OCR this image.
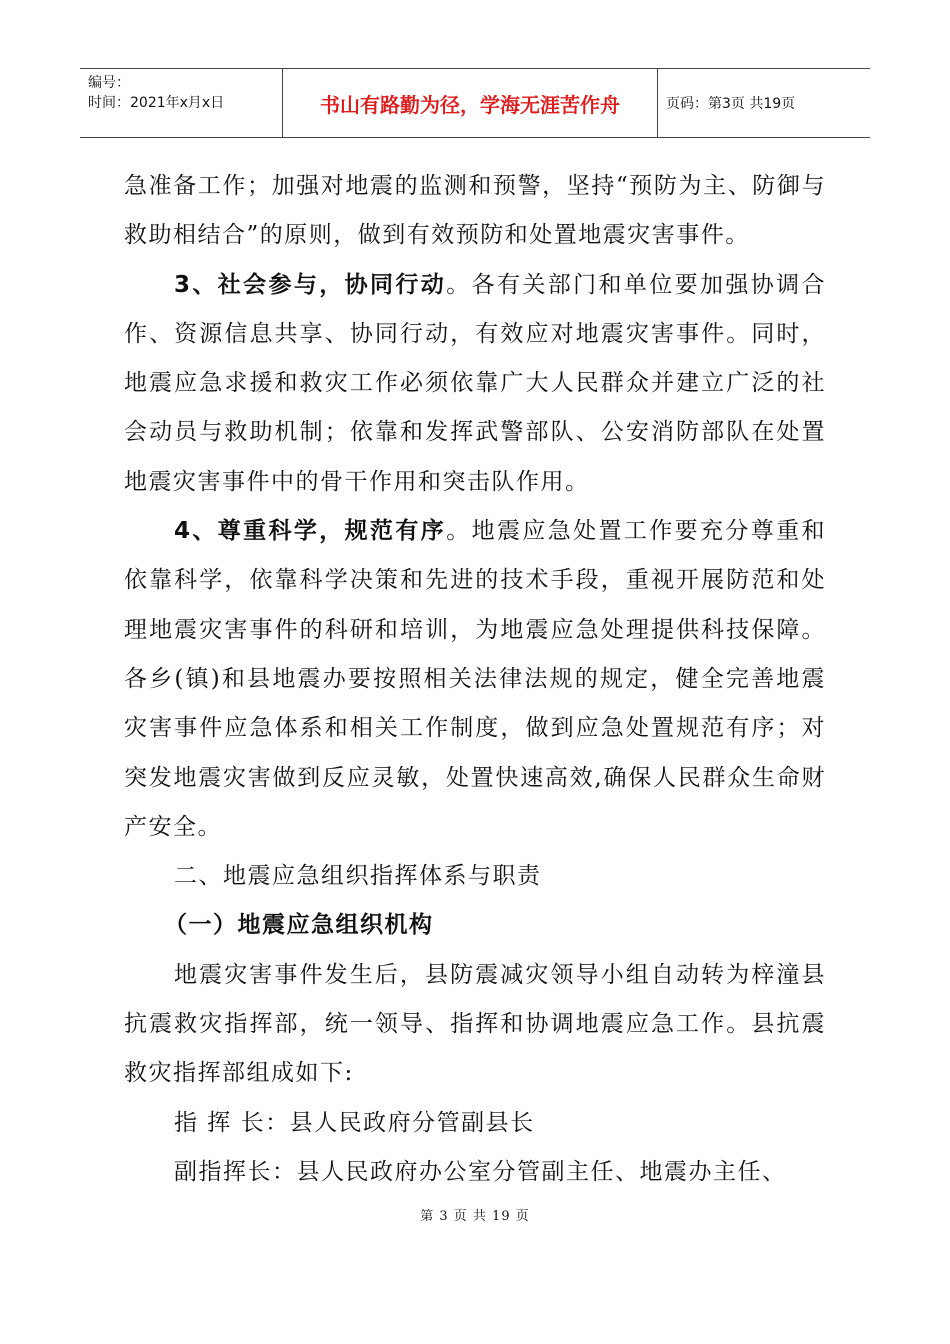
编号：
时间：2021年x月x日	书山有路勤为径，学海无涯苦作舟	页码：第3页 共19页

急准备工作；加强对地震的监测和预警，坚持“预防为主、防御与救助相结合”的原则，做到有效预防和处置地震灾害事件。

3、社会参与，协同行动。各有关部门和单位要加强协调合作、资源信息共享、协同行动，有效应对地震灾害事件。同时，地震应急求援和救灾工作必须依靠广大人民群众并建立广泛的社会动员与救助机制；依靠和发挥武警部队、公安消防部队在处置地震灾害事件中的骨干作用和突击队作用。

4、尊重科学，规范有序。地震应急处置工作要充分尊重和依靠科学，依靠科学决策和先进的技术手段，重视开展防范和处理地震灾害事件的科研和培训，为地震应急处理提供科技保障。各乡(镇)和县地震办要按照相关法律法规的规定，健全完善地震灾害事件应急体系和相关工作制度，做到应急处置规范有序；对突发地震灾害做到反应灵敏，处置快速高效,确保人民群众生命财产安全。

二、地震应急组织指挥体系与职责

（一）地震应急组织机构

地震灾害事件发生后，县防震减灾领导小组自动转为梓潼县抗震救灾指挥部，统一领导、指挥和协调地震应急工作。县抗震救灾指挥部组成如下:

指 挥 长：县人民政府分管副县长

副指挥长：县人民政府办公室分管副主任、地震办主任、

第 3 页 共 19 页
